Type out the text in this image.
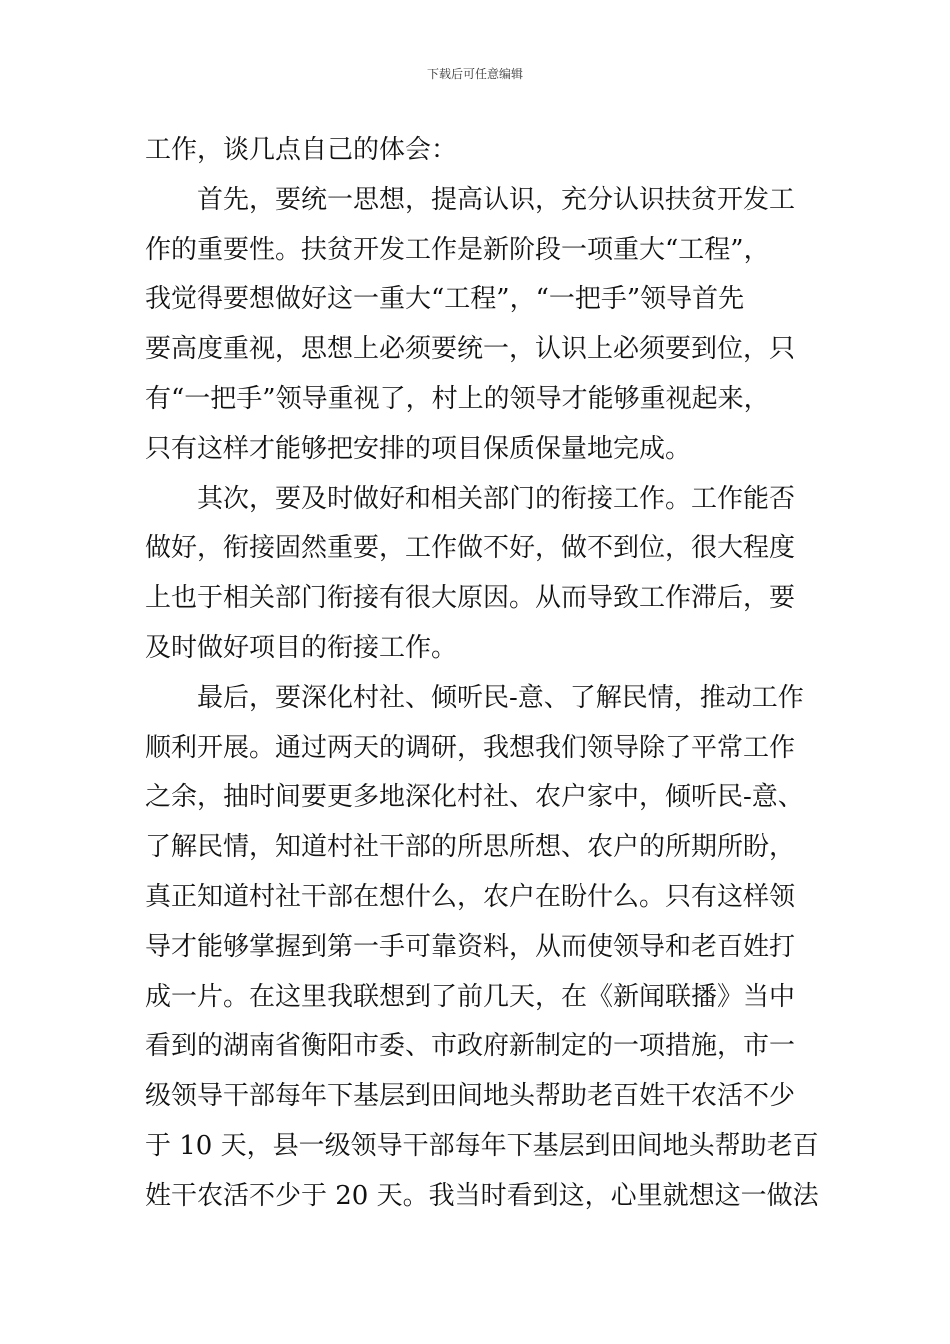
下载后可任意编辑
工作，谈几点自己的体会：
首先，要统一思想，提高认识，充分认识扶贫开发工
作的重要性。扶贫开发工作是新阶段一项重大“工程”，
我觉得要想做好这一重大“工程”，“一把手”领导首先
要高度重视，思想上必须要统一，认识上必须要到位，只
有“一把手”领导重视了，村上的领导才能够重视起来，
只有这样才能够把安排的项目保质保量地完成。
其次，要及时做好和相关部门的衔接工作。工作能否
做好，衔接固然重要，工作做不好，做不到位，很大程度
上也于相关部门衔接有很大原因。从而导致工作滞后，要
及时做好项目的衔接工作。
最后，要深化村社、倾听民-意、了解民情，推动工作
顺利开展。通过两天的调研，我想我们领导除了平常工作
之余，抽时间要更多地深化村社、农户家中，倾听民-意、
了解民情，知道村社干部的所思所想、农户的所期所盼，
真正知道村社干部在想什么，农户在盼什么。只有这样领
导才能够掌握到第一手可靠资料，从而使领导和老百姓打
成一片。在这里我联想到了前几天，在《新闻联播》当中
看到的湖南省衡阳市委、市政府新制定的一项措施，市一
级领导干部每年下基层到田间地头帮助老百姓干农活不少
于 10 天，县一级领导干部每年下基层到田间地头帮助老百
姓干农活不少于 20 天。我当时看到这，心里就想这一做法
